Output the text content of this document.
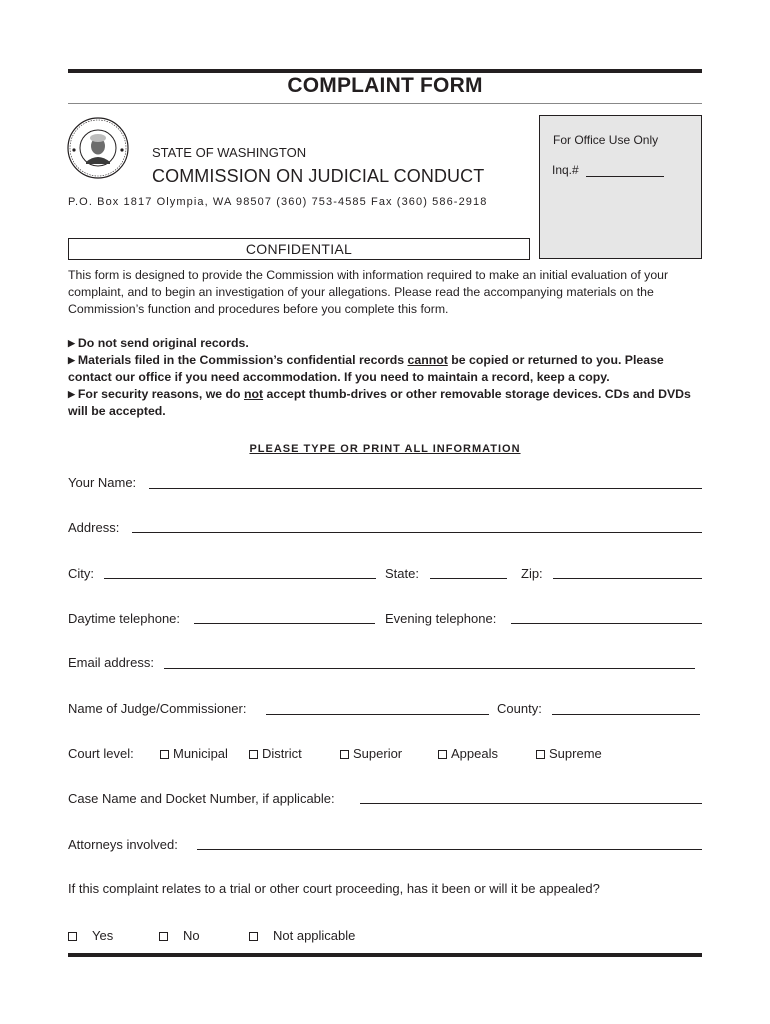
COMPLAINT FORM
STATE OF WASHINGTON
COMMISSION ON JUDICIAL CONDUCT
P.O. Box 1817 Olympia, WA 98507 (360) 753-4585 Fax (360) 586-2918
For Office Use Only
Inq.#
CONFIDENTIAL
This form is designed to provide the Commission with information required to make an initial evaluation of your complaint, and to begin an investigation of your allegations. Please read the accompanying materials on the Commission’s function and procedures before you complete this form.
▶ Do not send original records.
▶ Materials filed in the Commission’s confidential records cannot be copied or returned to you. Please contact our office if you need accommodation. If you need to maintain a record, keep a copy.
▶ For security reasons, we do not accept thumb-drives or other removable storage devices. CDs and DVDs will be accepted.
PLEASE TYPE OR PRINT ALL INFORMATION
Your Name:
Address:
City:	State:	Zip:
Daytime telephone:	Evening telephone:
Email address:
Name of Judge/Commissioner:	County:
Court level:	Municipal	District	Superior	Appeals	Supreme
Case Name and Docket Number, if applicable:
Attorneys involved:
If this complaint relates to a trial or other court proceeding, has it been or will it be appealed?
Yes	No	Not applicable
